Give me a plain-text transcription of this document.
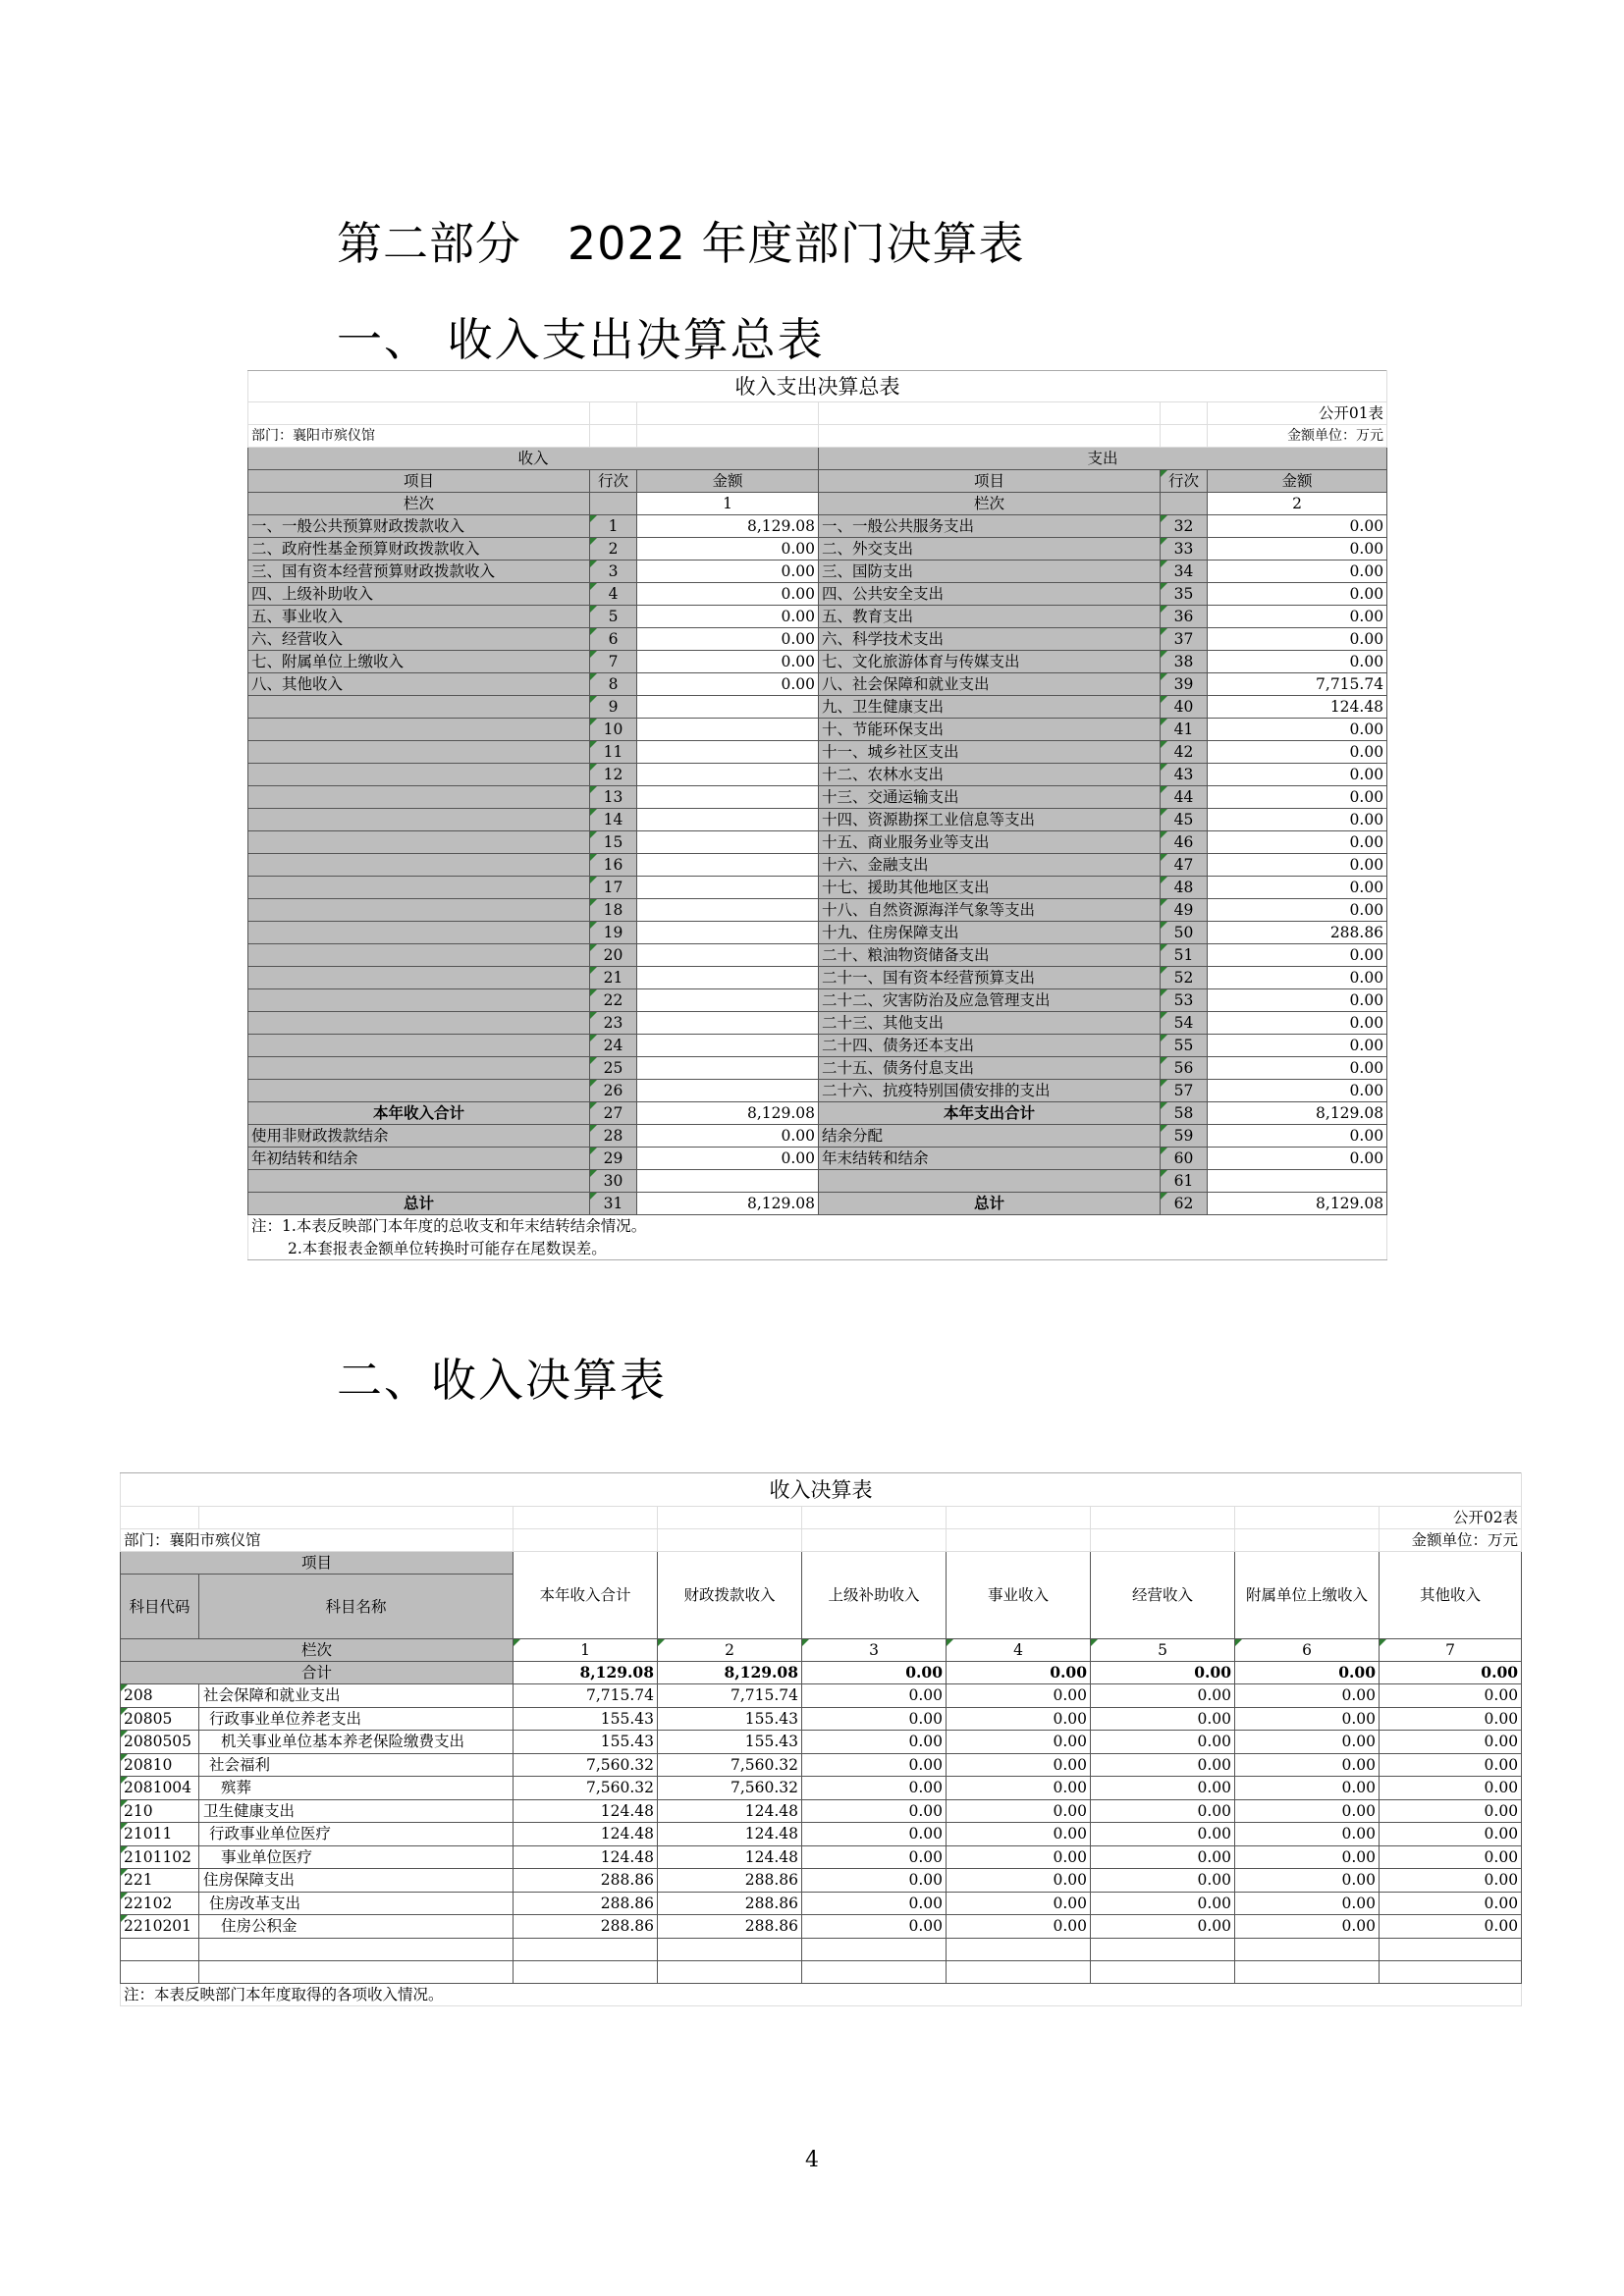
第二部分   2022 年度部门决算表
一、 收入支出决算总表
二、收入决算表
收入支出决算总表					
					公开01表
部门：襄阳市殡仪馆					金额单位：万元
收入			支出		
项目	行次	金额	项目	行次	金额
栏次		1	栏次		2
一、一般公共预算财政拨款收入	1	8,129.08	一、一般公共服务支出	32	0.00
二、政府性基金预算财政拨款收入	2	0.00	二、外交支出	33	0.00
三、国有资本经营预算财政拨款收入	3	0.00	三、国防支出	34	0.00
四、上级补助收入	4	0.00	四、公共安全支出	35	0.00
五、事业收入	5	0.00	五、教育支出	36	0.00
六、经营收入	6	0.00	六、科学技术支出	37	0.00
七、附属单位上缴收入	7	0.00	七、文化旅游体育与传媒支出	38	0.00
八、其他收入	8	0.00	八、社会保障和就业支出	39	7,715.74
	9		九、卫生健康支出	40	124.48
	10		十、节能环保支出	41	0.00
	11		十一、城乡社区支出	42	0.00
	12		十二、农林水支出	43	0.00
	13		十三、交通运输支出	44	0.00
	14		十四、资源勘探工业信息等支出	45	0.00
	15		十五、商业服务业等支出	46	0.00
	16		十六、金融支出	47	0.00
	17		十七、援助其他地区支出	48	0.00
	18		十八、自然资源海洋气象等支出	49	0.00
	19		十九、住房保障支出	50	288.86
	20		二十、粮油物资储备支出	51	0.00
	21		二十一、国有资本经营预算支出	52	0.00
	22		二十二、灾害防治及应急管理支出	53	0.00
	23		二十三、其他支出	54	0.00
	24		二十四、债务还本支出	55	0.00
	25		二十五、债务付息支出	56	0.00
	26		二十六、抗疫特别国债安排的支出	57	0.00
本年收入合计	27	8,129.08	本年支出合计	58	8,129.08
使用非财政拨款结余	28	0.00	结余分配	59	0.00
年初结转和结余	29	0.00	年末结转和结余	60	0.00
	30			61	
总计	31	8,129.08	总计	62	8,129.08
注：1.本表反映部门本年度的总收支和年末结转结余情况。					
2.本套报表金额单位转换时可能存在尾数误差。					
收入决算表								
								公开02表
部门：襄阳市殡仪馆								金额单位：万元
项目		本年收入合计	财政拨款收入	上级补助收入	事业收入	经营收入	附属单位上缴收入	其他收入
科目代码	科目名称							

栏次		1	2	3	4	5	6	7
合计		8,129.08	8,129.08	0.00	0.00	0.00	0.00	0.00
208	社会保障和就业支出	7,715.74	7,715.74	0.00	0.00	0.00	0.00	0.00
20805	行政事业单位养老支出	155.43	155.43	0.00	0.00	0.00	0.00	0.00
2080505	机关事业单位基本养老保险缴费支出	155.43	155.43	0.00	0.00	0.00	0.00	0.00
20810	社会福利	7,560.32	7,560.32	0.00	0.00	0.00	0.00	0.00
2081004	殡葬	7,560.32	7,560.32	0.00	0.00	0.00	0.00	0.00
210	卫生健康支出	124.48	124.48	0.00	0.00	0.00	0.00	0.00
21011	行政事业单位医疗	124.48	124.48	0.00	0.00	0.00	0.00	0.00
2101102	事业单位医疗	124.48	124.48	0.00	0.00	0.00	0.00	0.00
221	住房保障支出	288.86	288.86	0.00	0.00	0.00	0.00	0.00
22102	住房改革支出	288.86	288.86	0.00	0.00	0.00	0.00	0.00
2210201	住房公积金	288.86	288.86	0.00	0.00	0.00	0.00	0.00

注：本表反映部门本年度取得的各项收入情况。								
4
